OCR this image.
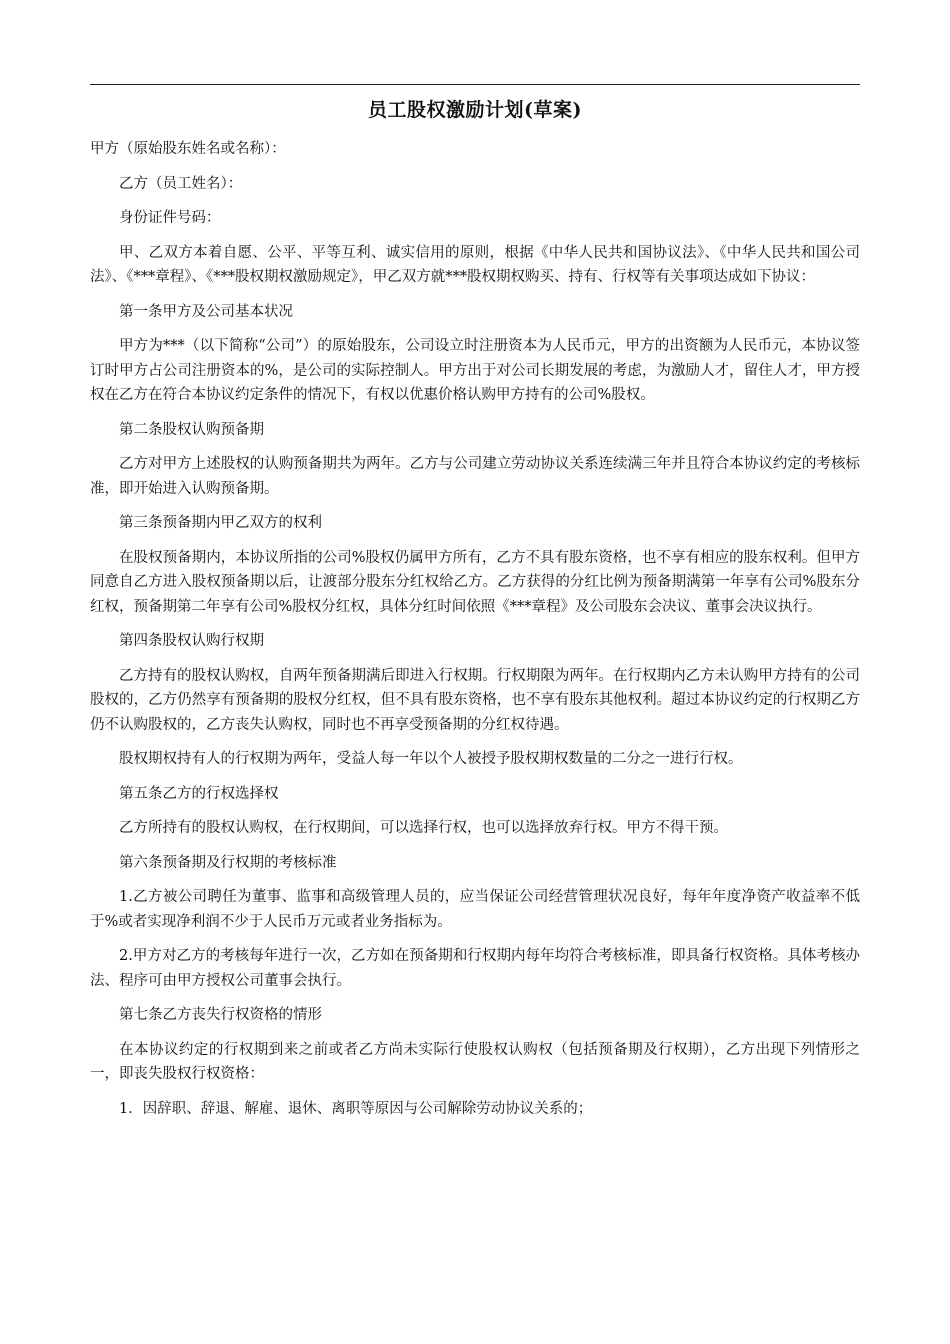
员工股权激励计划(草案)

甲方（原始股东姓名或名称）：

乙方（员工姓名）：

身份证件号码：

甲、乙双方本着自愿、公平、平等互利、诚实信用的原则，根据《中华人民共和国协议法》、《中华人民共和国公司法》、《***章程》、《***股权期权激励规定》，甲乙双方就***股权期权购买、持有、行权等有关事项达成如下协议：

第一条甲方及公司基本状况

甲方为***（以下简称“公司”）的原始股东，公司设立时注册资本为人民币元，甲方的出资额为人民币元，本协议签订时甲方占公司注册资本的%，是公司的实际控制人。甲方出于对公司长期发展的考虑，为激励人才，留住人才，甲方授权在乙方在符合本协议约定条件的情况下，有权以优惠价格认购甲方持有的公司%股权。

第二条股权认购预备期

乙方对甲方上述股权的认购预备期共为两年。乙方与公司建立劳动协议关系连续满三年并且符合本协议约定的考核标准，即开始进入认购预备期。

第三条预备期内甲乙双方的权利

在股权预备期内，本协议所指的公司%股权仍属甲方所有，乙方不具有股东资格，也不享有相应的股东权利。但甲方同意自乙方进入股权预备期以后，让渡部分股东分红权给乙方。乙方获得的分红比例为预备期满第一年享有公司%股东分红权，预备期第二年享有公司%股权分红权，具体分红时间依照《***章程》及公司股东会决议、董事会决议执行。

第四条股权认购行权期

乙方持有的股权认购权，自两年预备期满后即进入行权期。行权期限为两年。在行权期内乙方未认购甲方持有的公司股权的，乙方仍然享有预备期的股权分红权，但不具有股东资格，也不享有股东其他权利。超过本协议约定的行权期乙方仍不认购股权的，乙方丧失认购权，同时也不再享受预备期的分红权待遇。

股权期权持有人的行权期为两年，受益人每一年以个人被授予股权期权数量的二分之一进行行权。

第五条乙方的行权选择权

乙方所持有的股权认购权，在行权期间，可以选择行权，也可以选择放弃行权。甲方不得干预。

第六条预备期及行权期的考核标准

1.乙方被公司聘任为董事、监事和高级管理人员的，应当保证公司经营管理状况良好，每年年度净资产收益率不低于%或者实现净利润不少于人民币万元或者业务指标为。

2.甲方对乙方的考核每年进行一次，乙方如在预备期和行权期内每年均符合考核标准，即具备行权资格。具体考核办法、程序可由甲方授权公司董事会执行。

第七条乙方丧失行权资格的情形

在本协议约定的行权期到来之前或者乙方尚未实际行使股权认购权（包括预备期及行权期），乙方出现下列情形之一，即丧失股权行权资格：

1．因辞职、辞退、解雇、退休、离职等原因与公司解除劳动协议关系的；
